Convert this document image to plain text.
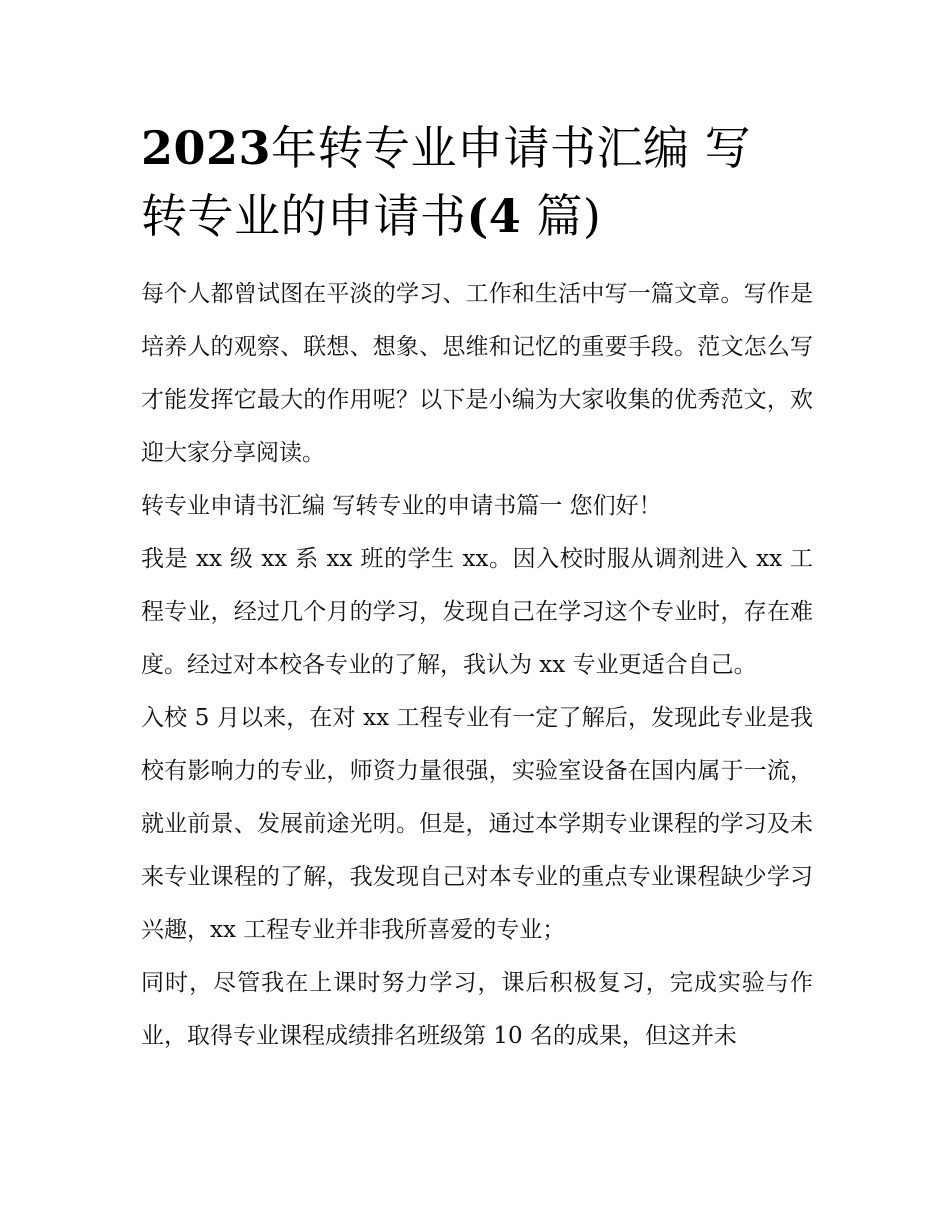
2023年转专业申请书汇编 写
转专业的申请书(4 篇)

每个人都曾试图在平淡的学习、工作和生活中写一篇文章。写作是培养人的观察、联想、想象、思维和记忆的重要手段。范文怎么写才能发挥它最大的作用呢？以下是小编为大家收集的优秀范文，欢迎大家分享阅读。

转专业申请书汇编 写转专业的申请书篇一 您们好！

我是 xx 级 xx 系 xx 班的学生 xx。因入校时服从调剂进入 xx 工程专业，经过几个月的学习，发现自己在学习这个专业时，存在难度。经过对本校各专业的了解，我认为 xx 专业更适合自己。

入校 5 月以来，在对 xx 工程专业有一定了解后，发现此专业是我校有影响力的专业，师资力量很强，实验室设备在国内属于一流，就业前景、发展前途光明。但是，通过本学期专业课程的学习及未来专业课程的了解，我发现自己对本专业的重点专业课程缺少学习兴趣，xx 工程专业并非我所喜爱的专业；

同时，尽管我在上课时努力学习，课后积极复习，完成实验与作业，取得专业课程成绩排名班级第 10 名的成果，但这并未
